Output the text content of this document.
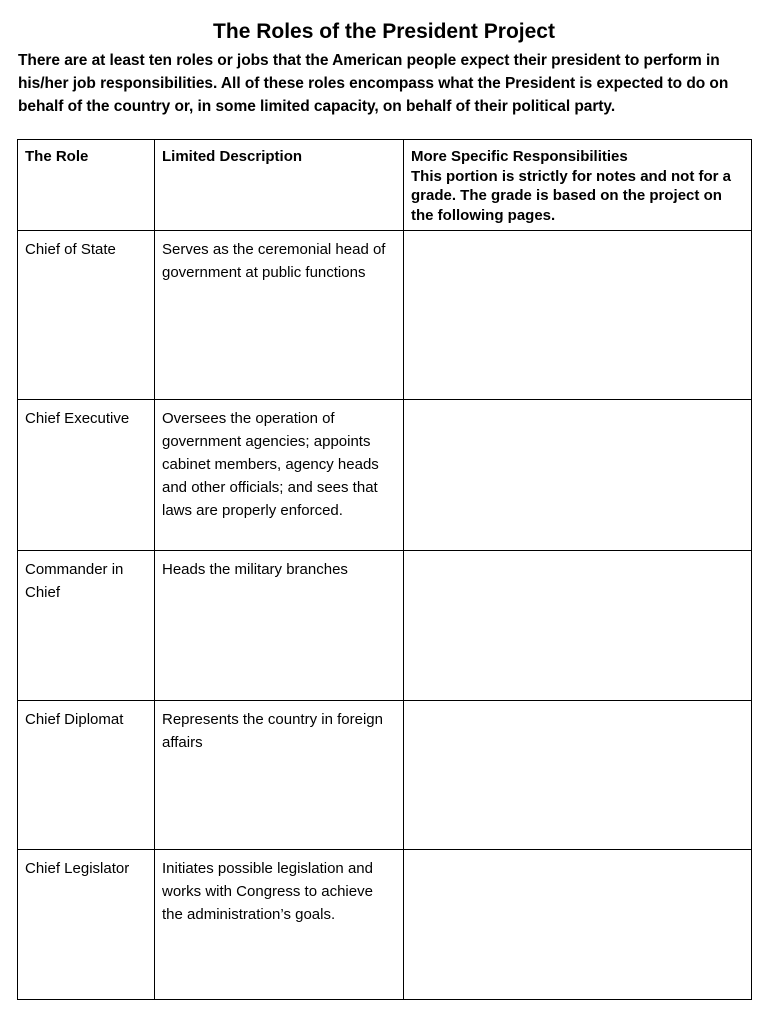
The Roles of the President Project
There are at least ten roles or jobs that the American people expect their president to perform in his/her job responsibilities. All of these roles encompass what the President is expected to do on behalf of the country or, in some limited capacity, on behalf of their political party.
The Role	Limited Description	More Specific Responsibilities
This portion is strictly for notes and not for a grade. The grade is based on the project on the following pages.

Chief of State	Serves as the ceremonial head of government at public functions	

Chief Executive	Oversees the operation of government agencies; appoints cabinet members, agency heads and other officials; and sees that laws are properly enforced.	

Commander in Chief	Heads the military branches	

Chief Diplomat	Represents the country in foreign affairs	

Chief Legislator	Initiates possible legislation and works with Congress to achieve the administration’s goals.	
